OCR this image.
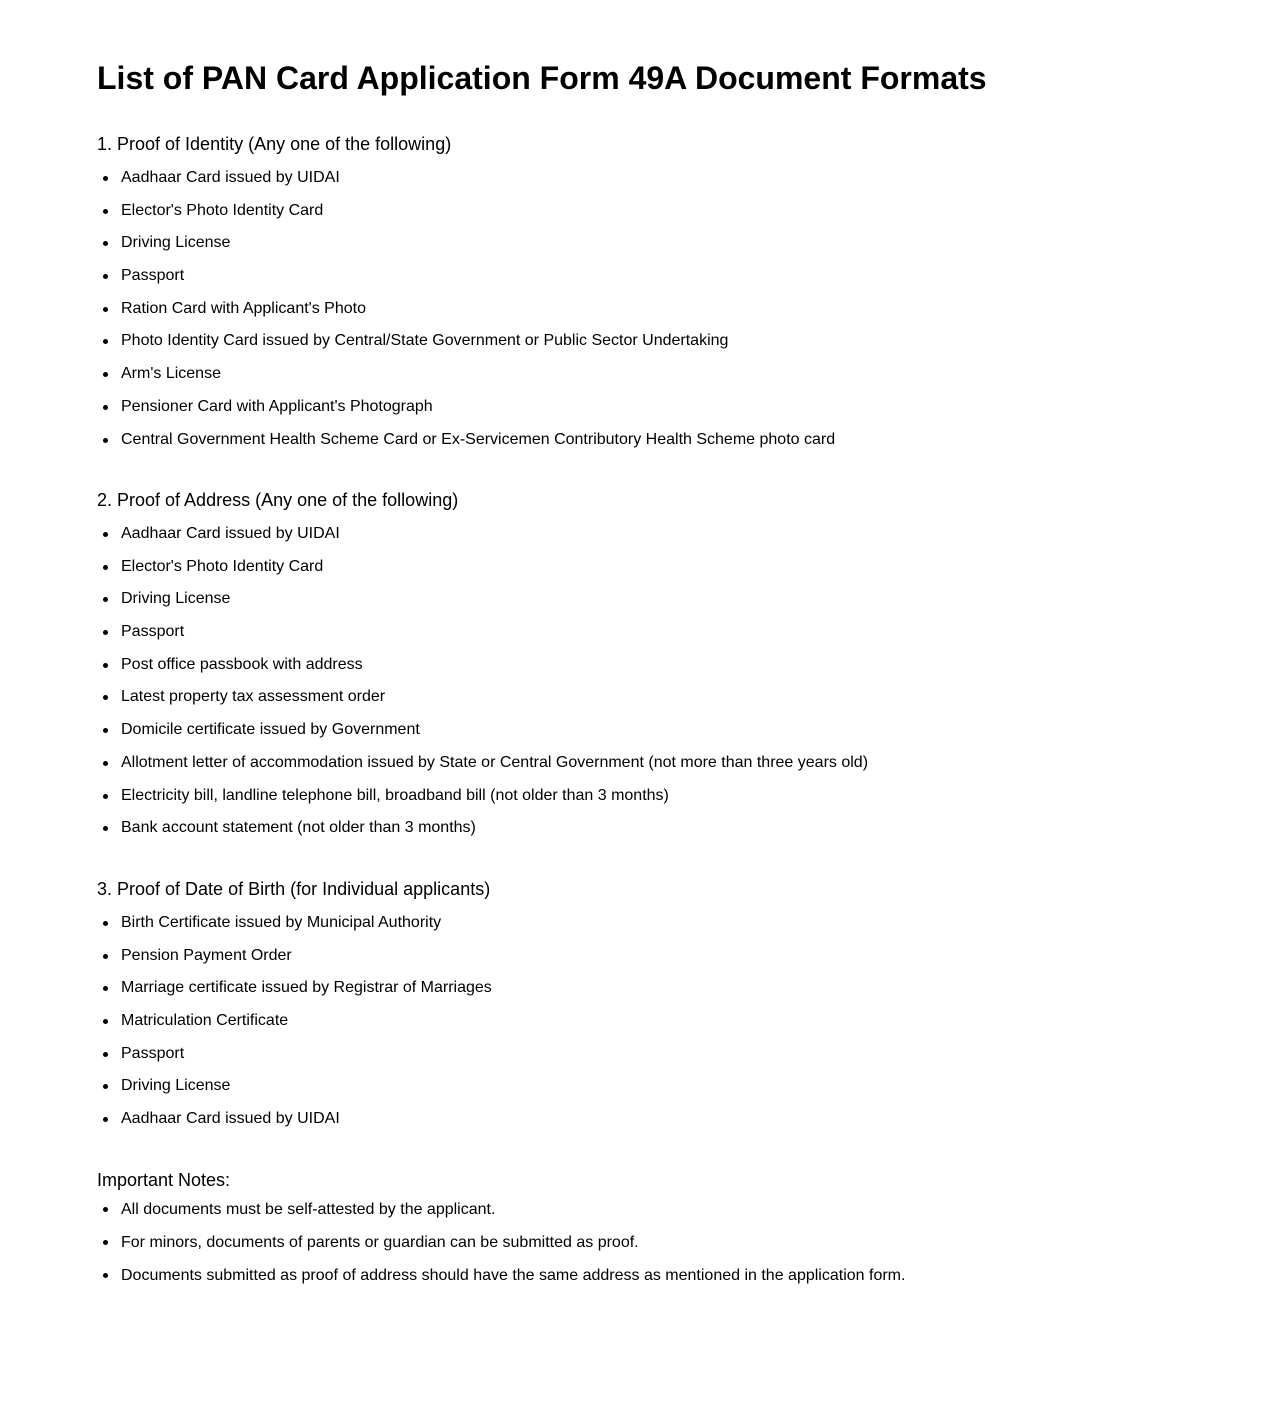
List of PAN Card Application Form 49A Document Formats
1. Proof of Identity (Any one of the following)
Aadhaar Card issued by UIDAI
Elector's Photo Identity Card
Driving License
Passport
Ration Card with Applicant's Photo
Photo Identity Card issued by Central/State Government or Public Sector Undertaking
Arm's License
Pensioner Card with Applicant's Photograph
Central Government Health Scheme Card or Ex-Servicemen Contributory Health Scheme photo card
2. Proof of Address (Any one of the following)
Aadhaar Card issued by UIDAI
Elector's Photo Identity Card
Driving License
Passport
Post office passbook with address
Latest property tax assessment order
Domicile certificate issued by Government
Allotment letter of accommodation issued by State or Central Government (not more than three years old)
Electricity bill, landline telephone bill, broadband bill (not older than 3 months)
Bank account statement (not older than 3 months)
3. Proof of Date of Birth (for Individual applicants)
Birth Certificate issued by Municipal Authority
Pension Payment Order
Marriage certificate issued by Registrar of Marriages
Matriculation Certificate
Passport
Driving License
Aadhaar Card issued by UIDAI
Important Notes:
All documents must be self-attested by the applicant.
For minors, documents of parents or guardian can be submitted as proof.
Documents submitted as proof of address should have the same address as mentioned in the application form.
